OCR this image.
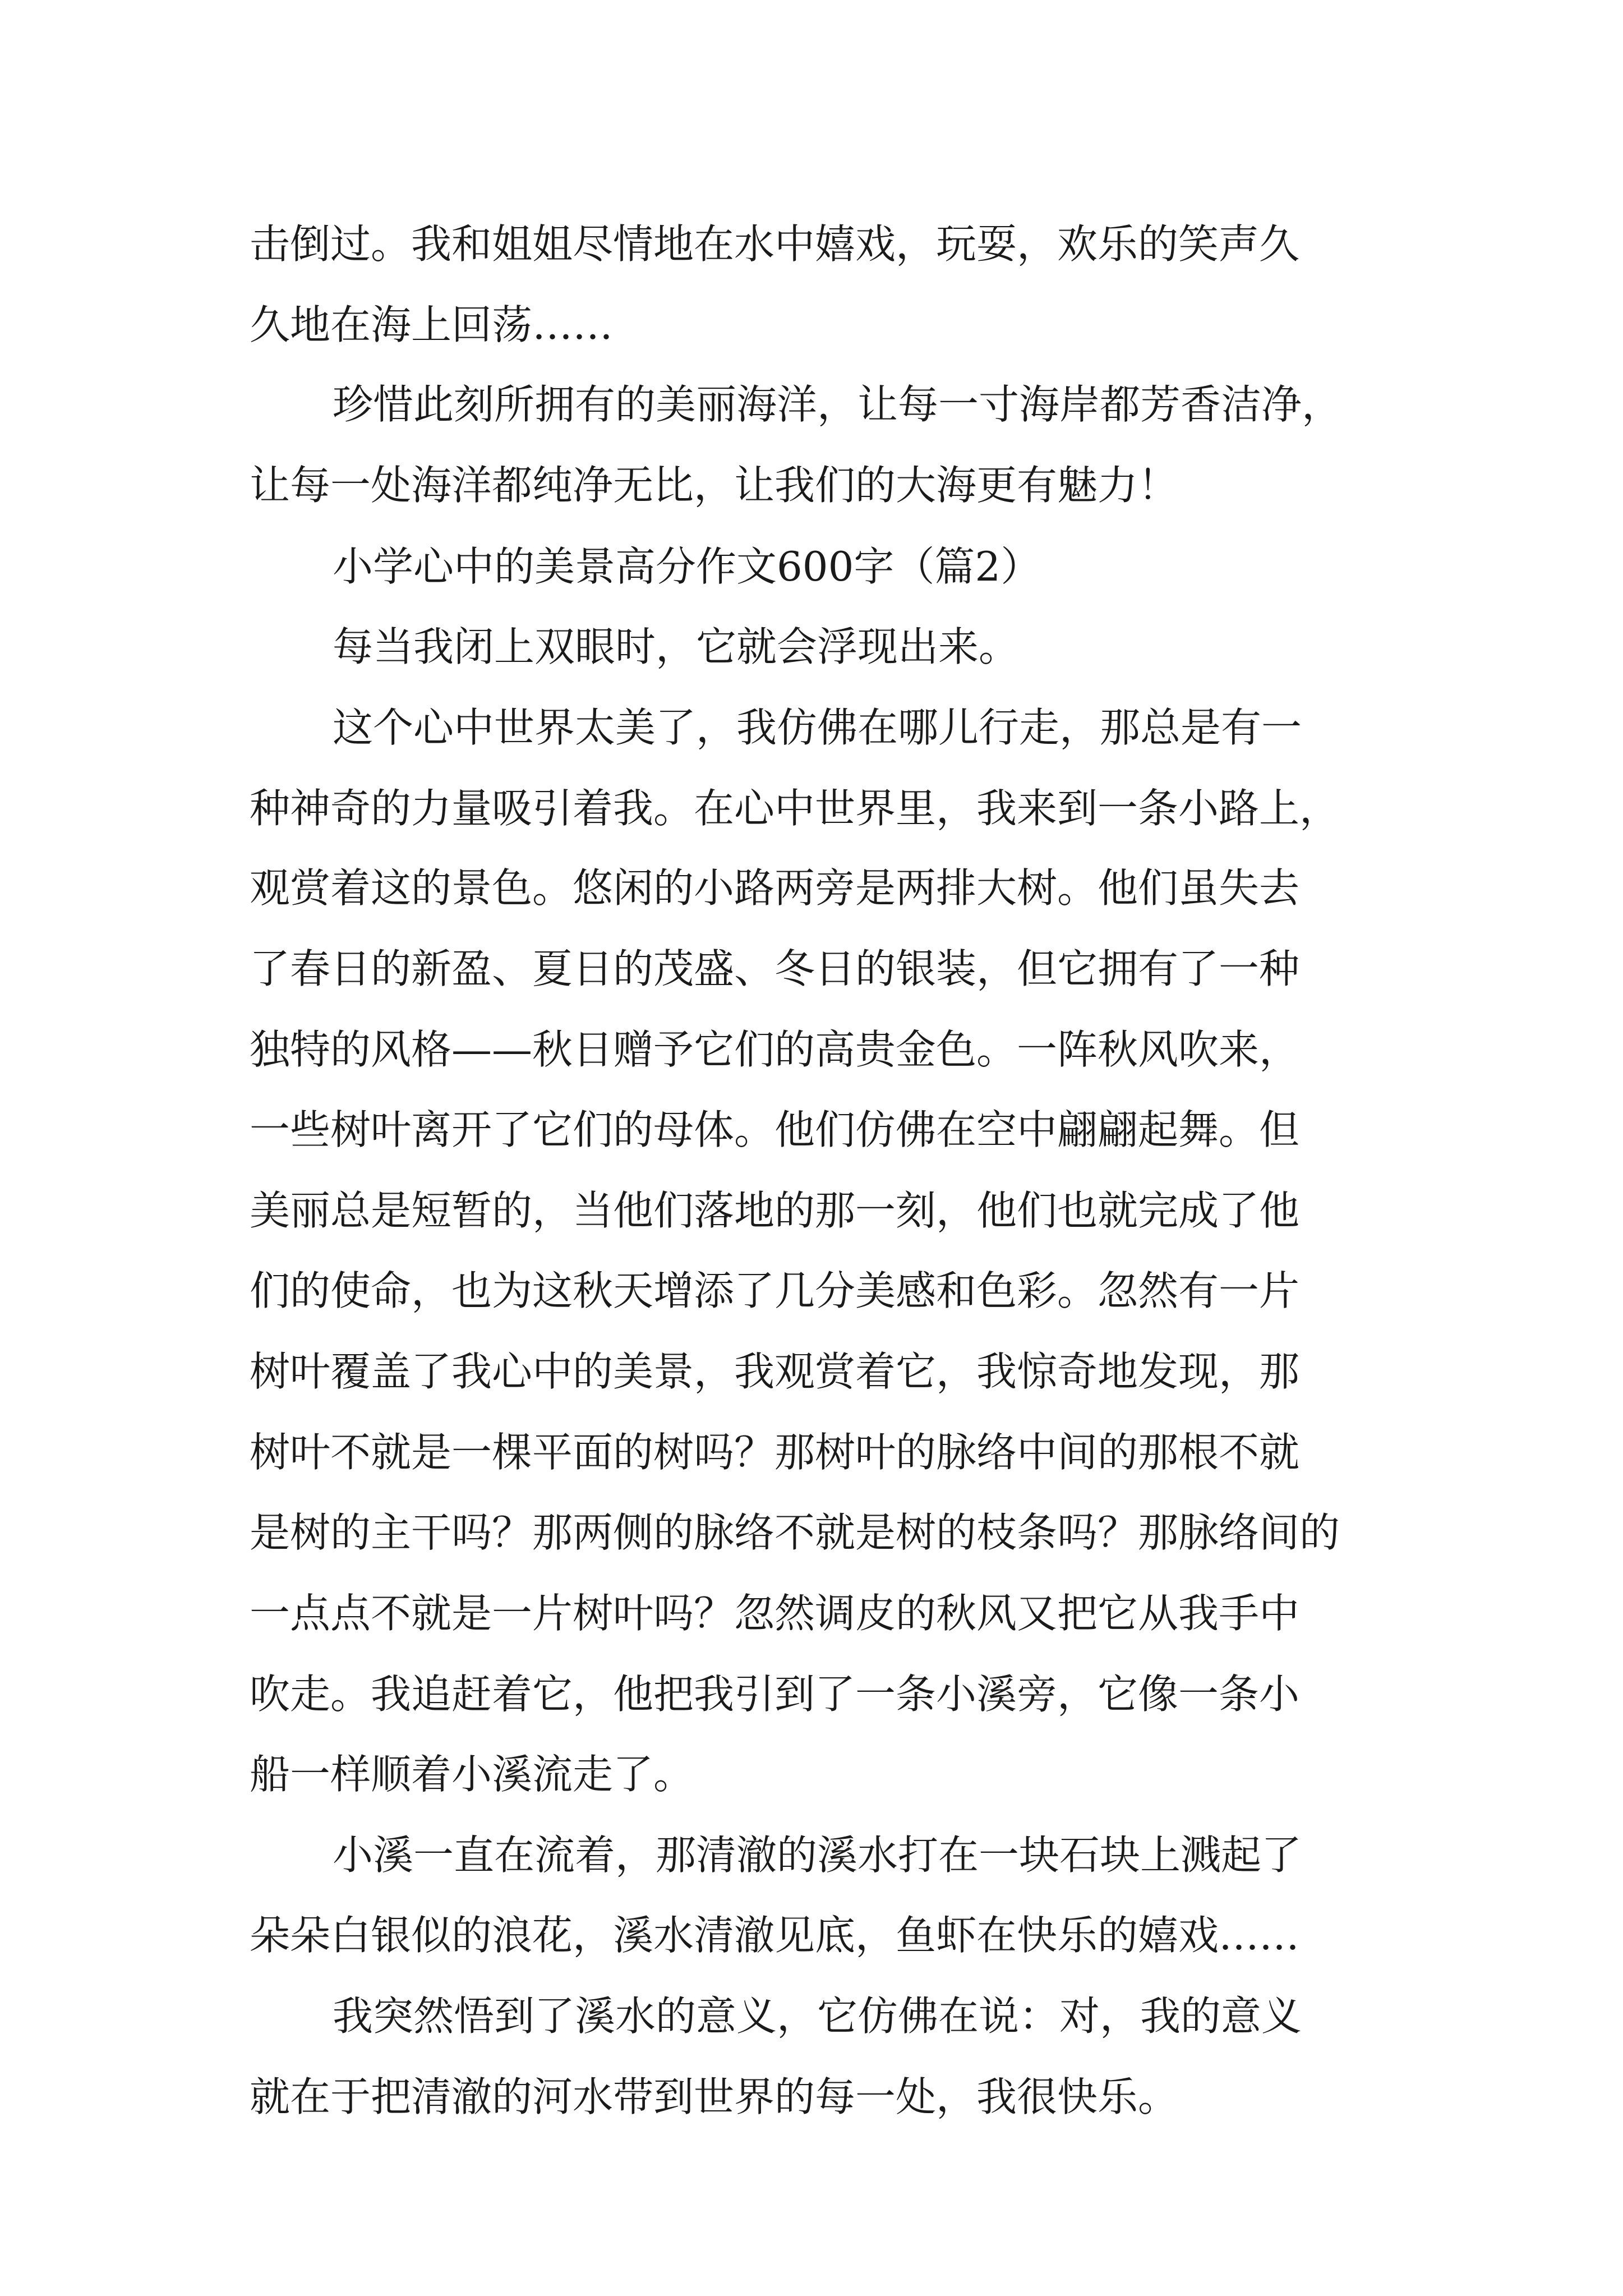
击倒过。我和姐姐尽情地在水中嬉戏，玩耍，欢乐的笑声久
久地在海上回荡……
珍惜此刻所拥有的美丽海洋，让每一寸海岸都芳香洁净，
让每一处海洋都纯净无比，让我们的大海更有魅力！
小学心中的美景高分作文600字（篇2）
每当我闭上双眼时，它就会浮现出来。
这个心中世界太美了，我仿佛在哪儿行走，那总是有一
种神奇的力量吸引着我。在心中世界里，我来到一条小路上，
观赏着这的景色。悠闲的小路两旁是两排大树。他们虽失去
了春日的新盈、夏日的茂盛、冬日的银装，但它拥有了一种
独特的风格——秋日赠予它们的高贵金色。一阵秋风吹来，
一些树叶离开了它们的母体。他们仿佛在空中翩翩起舞。但
美丽总是短暂的，当他们落地的那一刻，他们也就完成了他
们的使命，也为这秋天增添了几分美感和色彩。忽然有一片
树叶覆盖了我心中的美景，我观赏着它，我惊奇地发现，那
树叶不就是一棵平面的树吗？那树叶的脉络中间的那根不就
是树的主干吗？那两侧的脉络不就是树的枝条吗？那脉络间的
一点点不就是一片树叶吗？忽然调皮的秋风又把它从我手中
吹走。我追赶着它，他把我引到了一条小溪旁，它像一条小
船一样顺着小溪流走了。
小溪一直在流着，那清澈的溪水打在一块石块上溅起了
朵朵白银似的浪花，溪水清澈见底，鱼虾在快乐的嬉戏……
我突然悟到了溪水的意义，它仿佛在说：对，我的意义
就在于把清澈的河水带到世界的每一处，我很快乐。
